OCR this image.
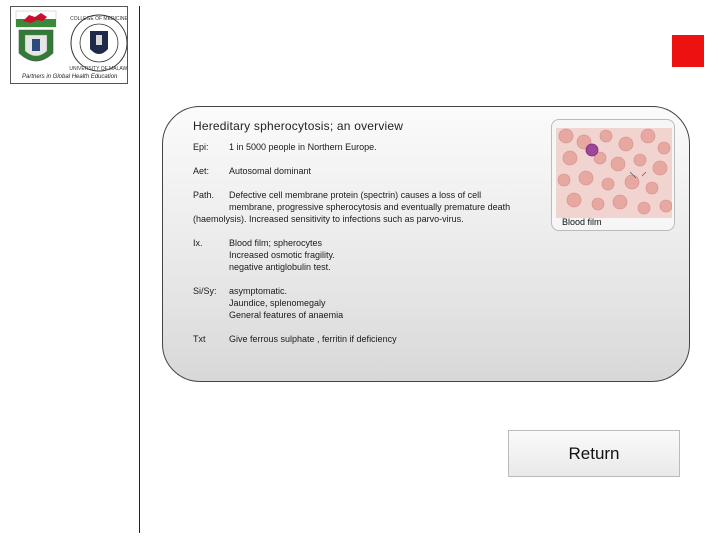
COLLEGE OF MEDICINE
UNIVERSITY OF MALAWI
Partners in Global Health Education
Hereditary spherocytosis; an overview
Epi: 1 in 5000 people in Northern Europe.
Aet: Autosomal dominant
Path. Defective cell membrane protein (spectrin) causes a loss of cell
membrane, progressive spherocytosis and eventually premature death
(haemolysis). Increased sensitivity to infections such as parvo-virus.
Ix.	Blood film; spherocytes
Increased osmotic fragility.
negative antiglobulin test.
Si/Sy: asymptomatic.
Jaundice, splenomegaly
General features of anaemia
Txt	Give ferrous sulphate , ferritin if deficiency
Blood film
Return
